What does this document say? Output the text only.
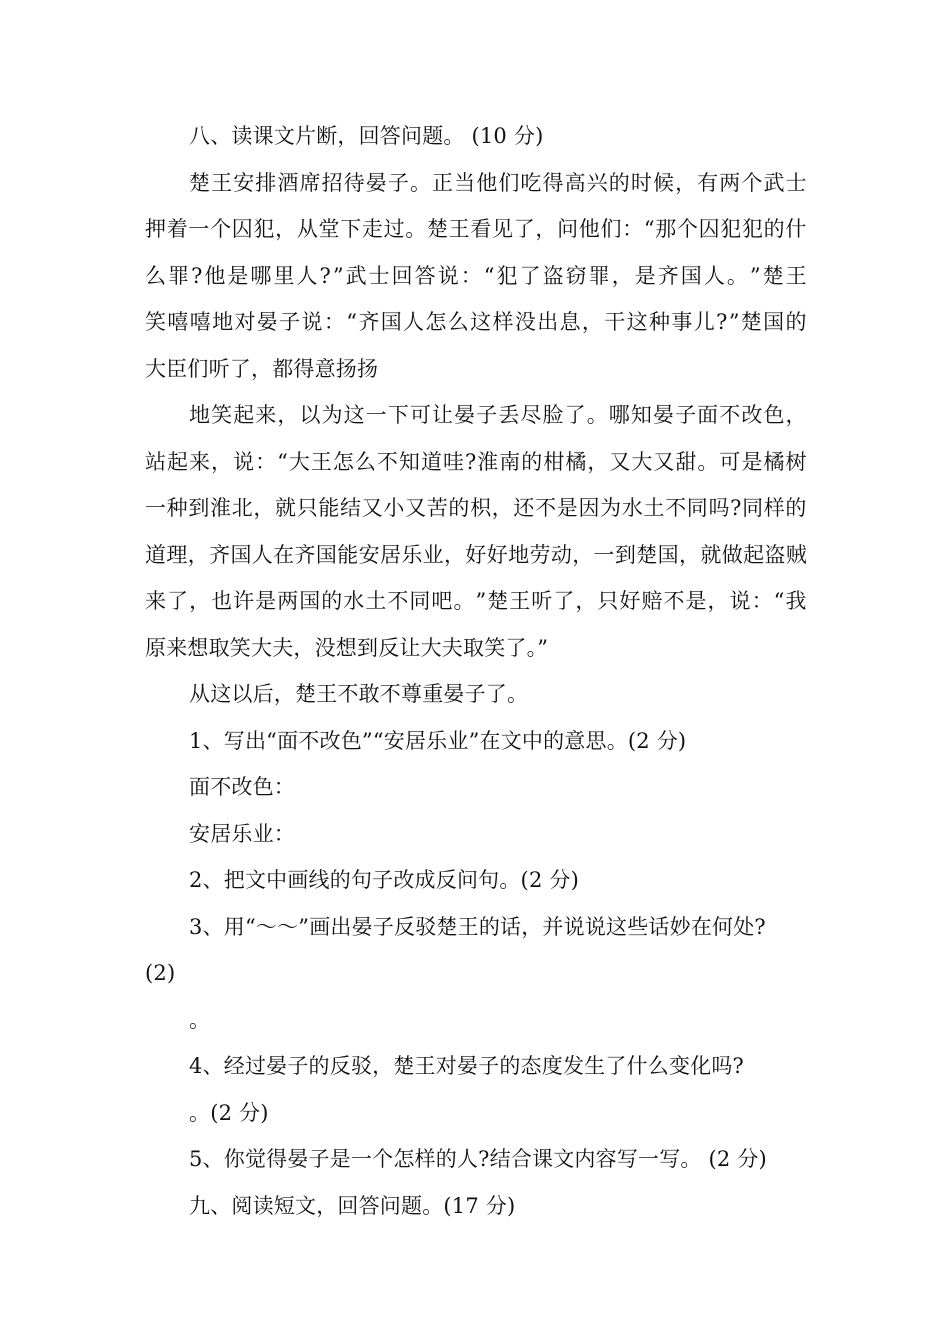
八、读课文片断，回答问题。 (10 分)
楚 王 安 排 酒 席 招 待 晏 子 。 正 当 他 们 吃 得 高 兴 的 时 候 ， 有 两 个 武 士
押 着 一 个 囚 犯 ， 从 堂 下 走 过 。 楚 王 看 见 了 ， 问 他 们 ： “ 那 个 囚 犯 犯 的 什
么 罪 ? 他 是 哪 里 人 ? ” 武 士 回 答 说 ： “ 犯 了 盗 窃 罪 ， 是 齐 国 人 。 ” 楚 王
笑 嘻 嘻 地 对 晏 子 说 ： “ 齐 国 人 怎 么 这 样 没 出 息 ， 干 这 种 事 儿 ? ” 楚 国 的
大臣们听了，都得意扬扬
地 笑 起 来 ， 以 为 这 一 下 可 让 晏 子 丢 尽 脸 了 。 哪 知 晏 子 面 不 改 色 ，
站 起 来 ， 说 ： “ 大 王 怎 么 不 知 道 哇 ? 淮 南 的 柑 橘 ， 又 大 又 甜 。 可 是 橘 树
一 种 到 淮 北 ， 就 只 能 结 又 小 又 苦 的 枳 ， 还 不 是 因 为 水 土 不 同 吗 ? 同 样 的
道 理 ， 齐 国 人 在 齐 国 能 安 居 乐 业 ， 好 好 地 劳 动 ， 一 到 楚 国 ， 就 做 起 盗 贼
来 了 ， 也 许 是 两 国 的 水 土 不 同 吧 。 ” 楚 王 听 了 ， 只 好 赔 不 是 ， 说 ： “ 我
原来想取笑大夫，没想到反让大夫取笑了。”
从这以后，楚王不敢不尊重晏子了。
1、写出“面不改色”“安居乐业”在文中的意思。(2 分)
面不改色：
安居乐业：
2、把文中画线的句子改成反问句。(2 分)
3、用“～～”画出晏子反驳楚王的话，并说说这些话妙在何处?
(2)
。
4、经过晏子的反驳，楚王对晏子的态度发生了什么变化吗?
。(2 分)
5、你觉得晏子是一个怎样的人?结合课文内容写一写。 (2 分)
九、阅读短文，回答问题。(17 分)
